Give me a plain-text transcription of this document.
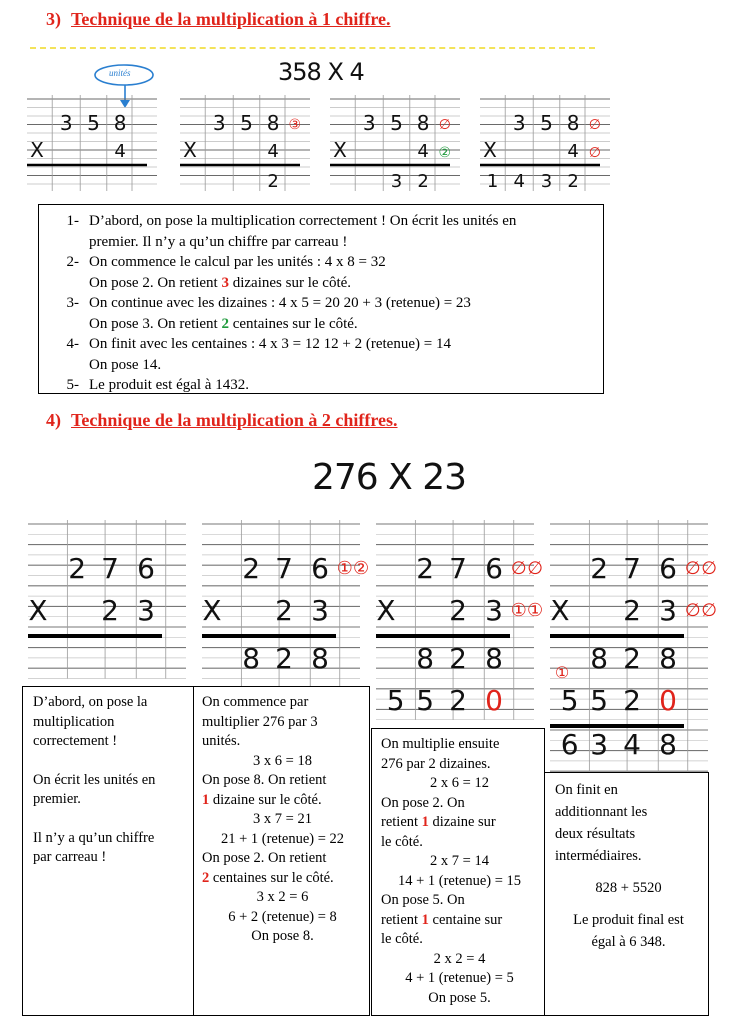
3) Technique de la multiplication à 1 chiffre.
358 X 4
unités
3 5 8
X	4
3 5 8
X	4
③
2
3 5 8
X	4
∅
②
3 2
3 5 8
X	4
∅
∅
1 4 3 2
1- D’abord, on pose la multiplication correctement ! On écrit les unités en
premier. Il n’y a qu’un chiffre par carreau !
2- On commence le calcul par les unités : 4 x 8 = 32
On pose 2. On retient 3 dizaines sur le côté.
3- On continue avec les dizaines : 4 x 5 = 20 20 + 3 (retenue) = 23
On pose 3. On retient 2 centaines sur le côté.
4- On finit avec les centaines : 4 x 3 = 12 12 + 2 (retenue) = 14
On pose 14.
5- Le produit est égal à 1432.
4) Technique de la multiplication à 2 chiffres.
276 X 23
2 7 6
X 2 3
2 7 6
X 2 3
① ②
8 2 8
2 7 6
X 2 3
∅ ∅
① ①
8 2 8
5 5 2 0
2 7 6
X 2 3
∅ ∅
∅ ∅
8 2 8
5 5 2 0
①
6 3 4 8
D’abord, on pose la
multiplication
correctement !
On écrit les unités en
premier.
Il n’y a qu’un chiffre
par carreau !
On commence par
multiplier 276 par 3
unités.
3 x 6 = 18
On pose 8. On retient
1 dizaine sur le côté.
3 x 7 = 21
21 + 1 (retenue) = 22
On pose 2. On retient
2 centaines sur le côté.
3 x 2 = 6
6 + 2 (retenue) = 8
On pose 8.
On multiplie ensuite
276 par 2 dizaines.
2 x 6 = 12
On pose 2. On
retient 1 dizaine sur
le côté.
2 x 7 = 14
14 + 1 (retenue) = 15
On pose 5. On
retient 1 centaine sur
le côté.
2 x 2 = 4
4 + 1 (retenue) = 5
On pose 5.
On finit en
additionnant les
deux résultats
intermédiaires.
828 + 5520
Le produit final est
égal à 6 348.
